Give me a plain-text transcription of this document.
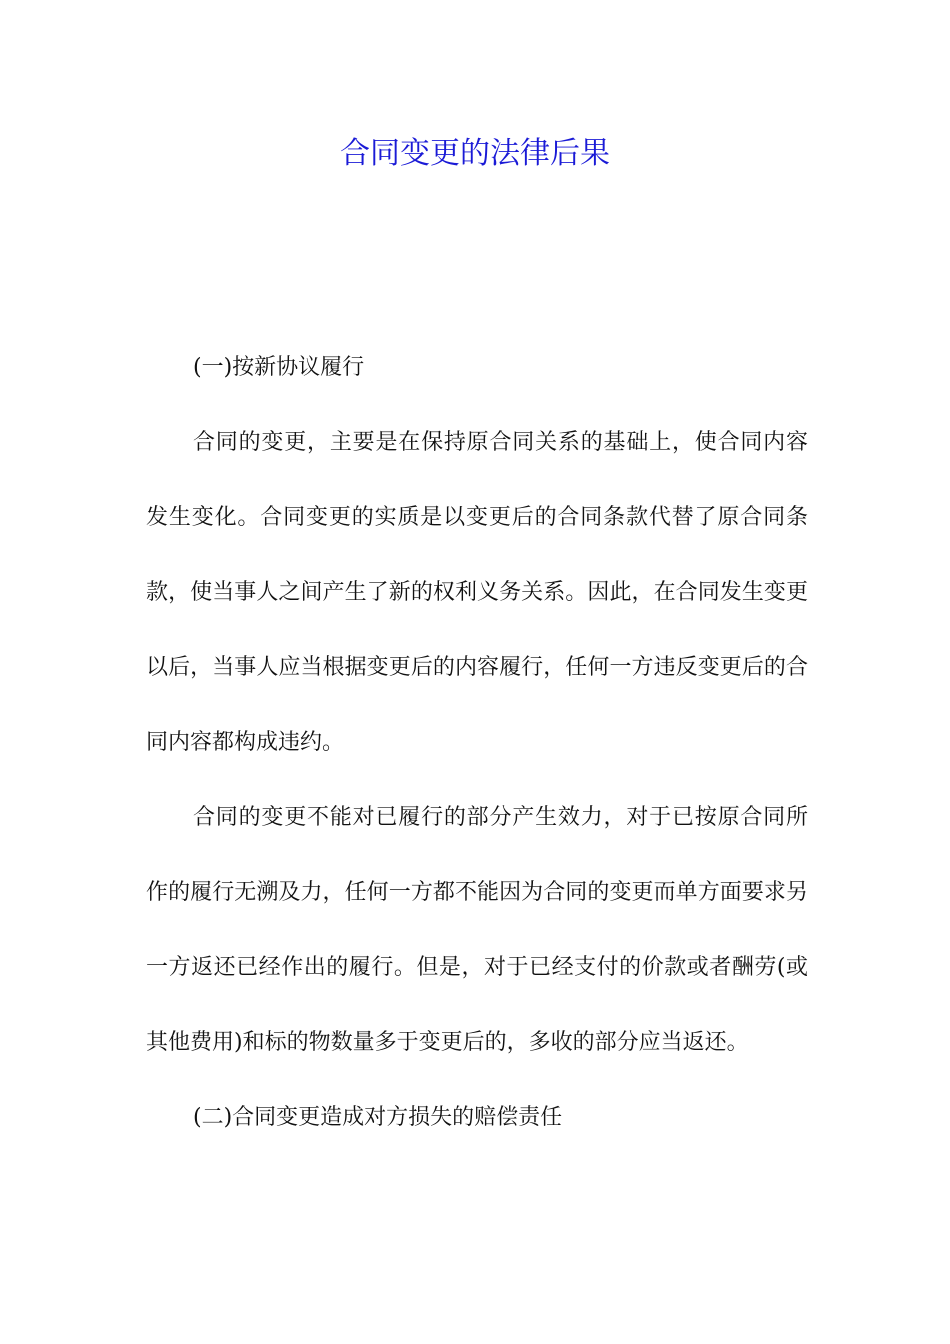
合同变更的法律后果

(一)按新协议履行

合同的变更，主要是在保持原合同关系的基础上，使合同内容发生变化。合同变更的实质是以变更后的合同条款代替了原合同条款，使当事人之间产生了新的权利义务关系。因此，在合同发生变更以后，当事人应当根据变更后的内容履行，任何一方违反变更后的合同内容都构成违约。

合同的变更不能对已履行的部分产生效力，对于已按原合同所作的履行无溯及力，任何一方都不能因为合同的变更而单方面要求另一方返还已经作出的履行。但是，对于已经支付的价款或者酬劳(或其他费用)和标的物数量多于变更后的，多收的部分应当返还。

(二)合同变更造成对方损失的赔偿责任
